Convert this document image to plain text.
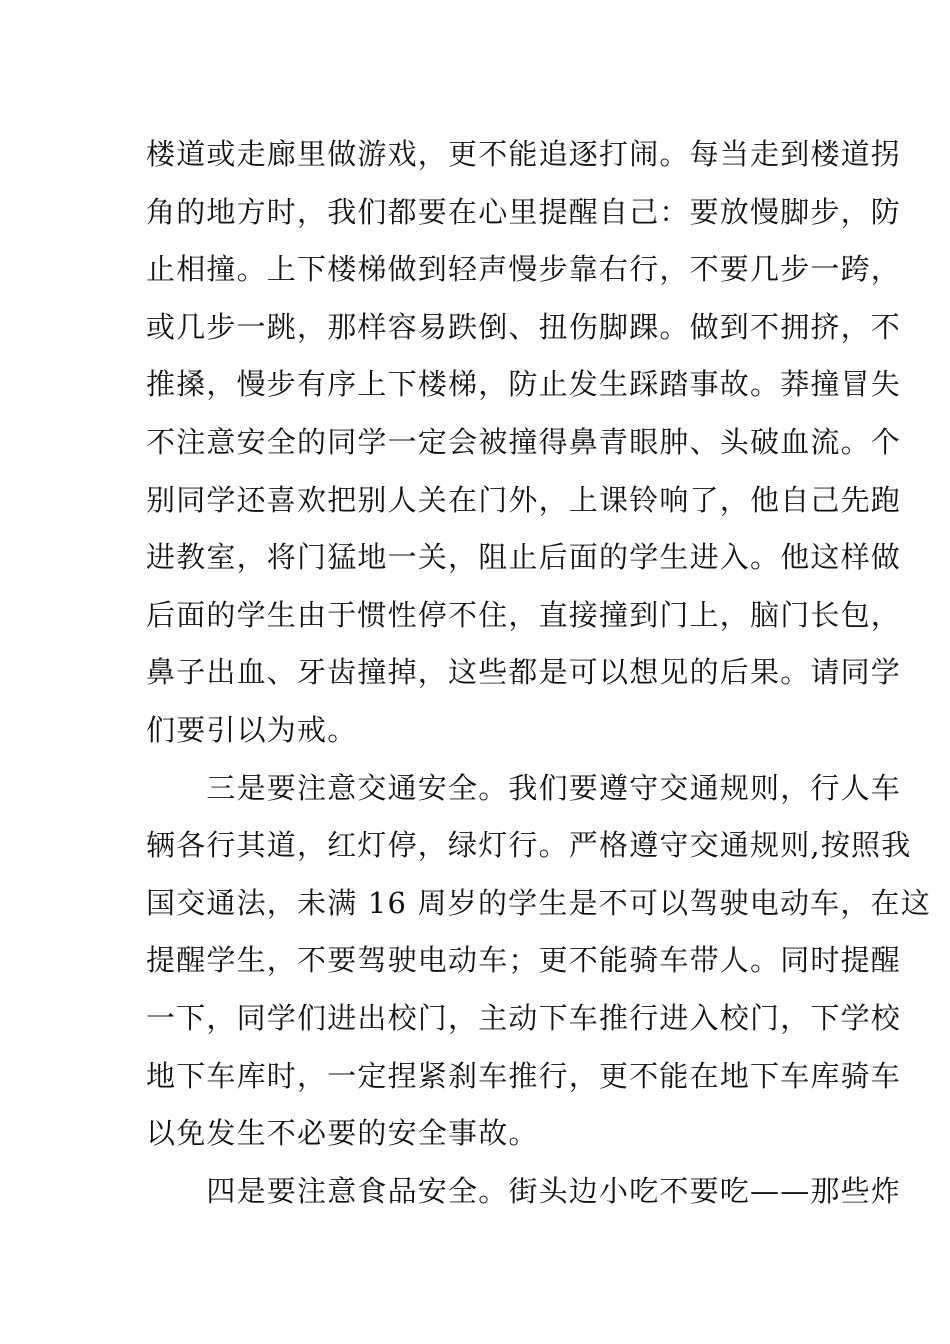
楼道或走廊里做游戏，更不能追逐打闹。每当走到楼道拐
角的地方时，我们都要在心里提醒自己：要放慢脚步，防
止相撞。上下楼梯做到轻声慢步靠右行，不要几步一跨，
或几步一跳，那样容易跌倒、扭伤脚踝。做到不拥挤，不
推搡，慢步有序上下楼梯，防止发生踩踏事故。莽撞冒失
不注意安全的同学一定会被撞得鼻青眼肿、头破血流。个
别同学还喜欢把别人关在门外，上课铃响了，他自己先跑
进教室，将门猛地一关，阻止后面的学生进入。他这样做
后面的学生由于惯性停不住，直接撞到门上，脑门长包，
鼻子出血、牙齿撞掉，这些都是可以想见的后果。请同学
们要引以为戒。
　　三是要注意交通安全。我们要遵守交通规则，行人车
辆各行其道，红灯停，绿灯行。严格遵守交通规则,按照我
国交通法，未满 16 周岁的学生是不可以驾驶电动车，在这
提醒学生，不要驾驶电动车；更不能骑车带人。同时提醒
一下，同学们进出校门，主动下车推行进入校门，下学校
地下车库时，一定捏紧刹车推行，更不能在地下车库骑车
以免发生不必要的安全事故。
　　四是要注意食品安全。街头边小吃不要吃——那些炸
